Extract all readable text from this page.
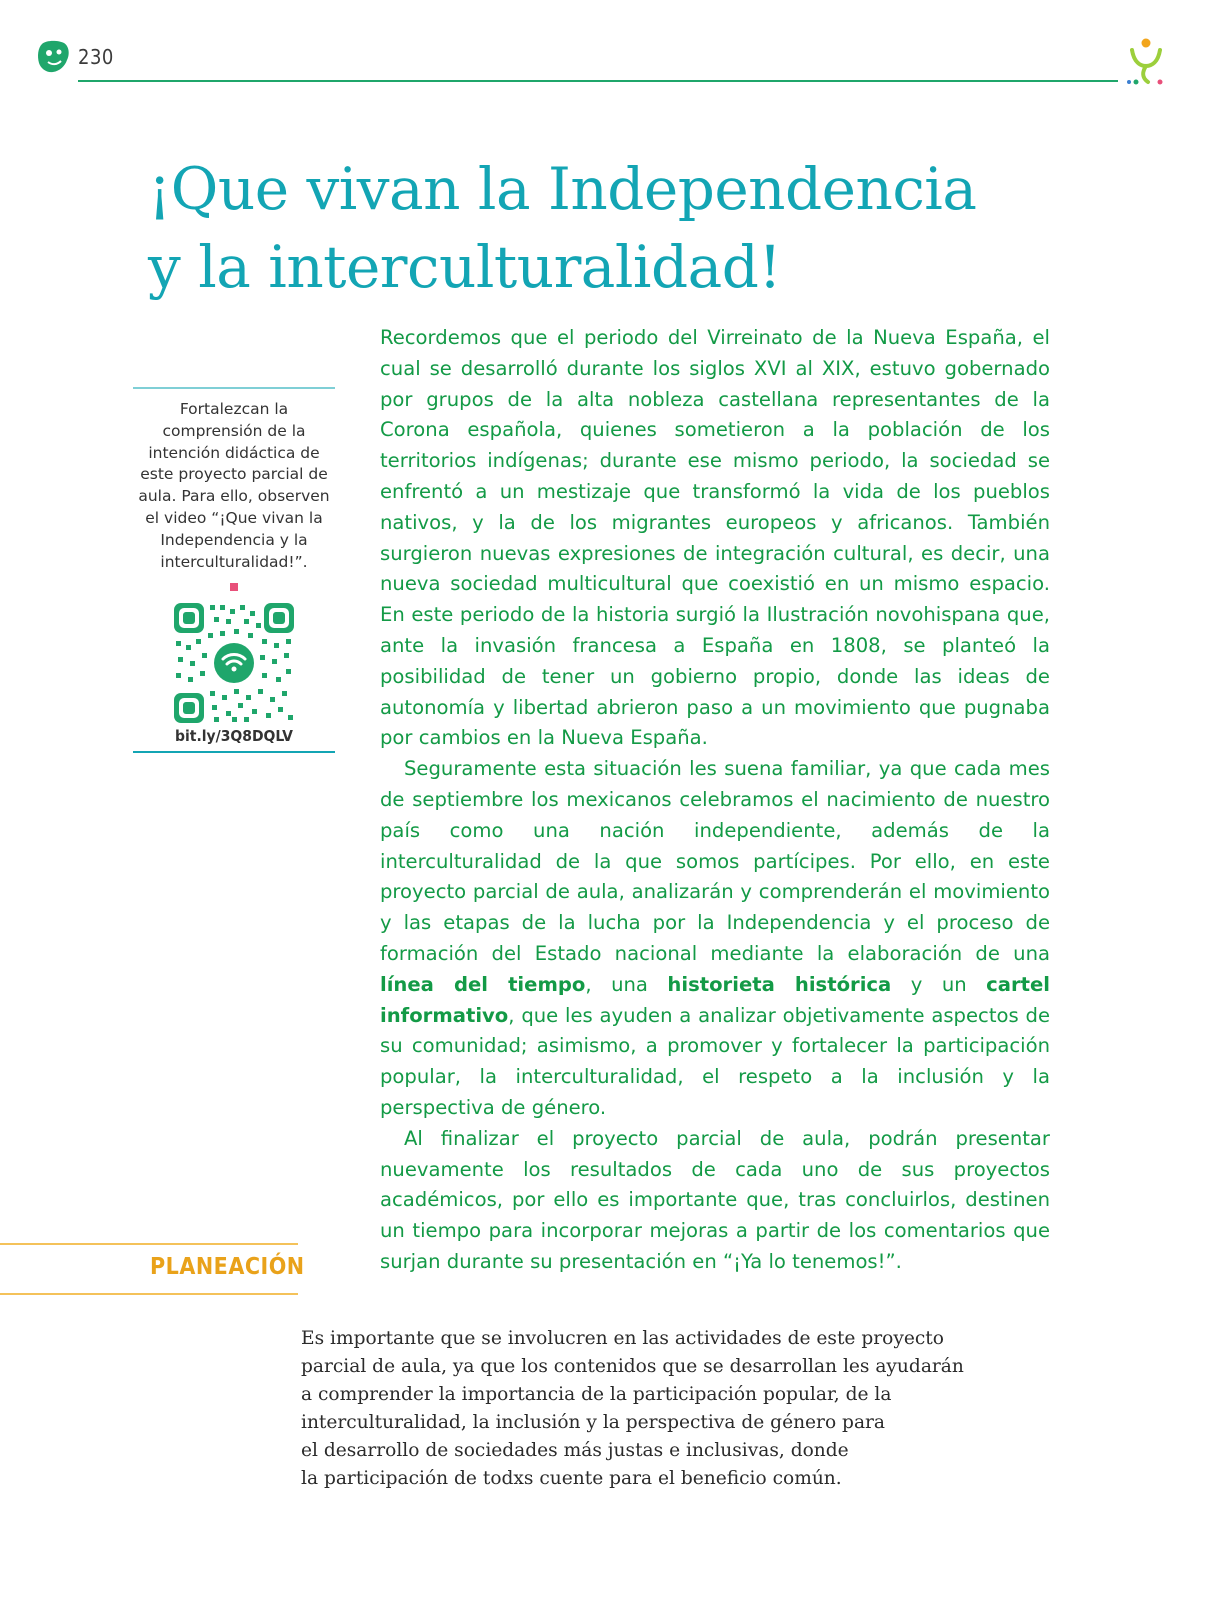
230
¡Que vivan la Independencia
y la interculturalidad!

Fortalezcan la comprensión de la intención didáctica de este proyecto parcial de aula. Para ello, observen el video “¡Que vivan la Independencia y la interculturalidad!”.

bit.ly/3Q8DQLV

Recordemos que el periodo del Virreinato de la Nueva España, el cual se desarrolló durante los siglos XVI al XIX, estuvo gobernado por grupos de la alta nobleza castellana representantes de la Corona española, quienes sometieron a la población de los territorios indígenas; durante ese mismo periodo, la sociedad se enfrentó a un mestizaje que transformó la vida de los pueblos nativos, y la de los migrantes europeos y africanos. También surgieron nuevas expresiones de integración cultural, es decir, una nueva sociedad multicultural que coexistió en un mismo espacio. En este periodo de la historia surgió la Ilustración novohispana que, ante la invasión francesa a España en 1808, se planteó la posibilidad de tener un gobierno propio, donde las ideas de autonomía y libertad abrieron paso a un movimiento que pugnaba por cambios en la Nueva España.

Seguramente esta situación les suena familiar, ya que cada mes de septiembre los mexicanos celebramos el nacimiento de nuestro país como una nación independiente, además de la interculturalidad de la que somos partícipes. Por ello, en este proyecto parcial de aula, analizarán y comprenderán el movimiento y las etapas de la lucha por la Independencia y el proceso de formación del Estado nacional mediante la elaboración de una línea del tiempo, una historieta histórica y un cartel informativo, que les ayuden a analizar objetivamente aspectos de su comunidad; asimismo, a promover y fortalecer la participación popular, la interculturalidad, el respeto a la inclusión y la perspectiva de género.

Al finalizar el proyecto parcial de aula, podrán presentar nuevamente los resultados de cada uno de sus proyectos académicos, por ello es importante que, tras concluirlos, destinen un tiempo para incorporar mejoras a partir de los comentarios que surjan durante su presentación en “¡Ya lo tenemos!”.

PLANEACIÓN
Es importante que se involucren en las actividades de este proyecto
parcial de aula, ya que los contenidos que se desarrollan les ayudarán
a comprender la importancia de la participación popular, de la
interculturalidad, la inclusión y la perspectiva de género para
el desarrollo de sociedades más justas e inclusivas, donde
la participación de todxs cuente para el beneficio común.
